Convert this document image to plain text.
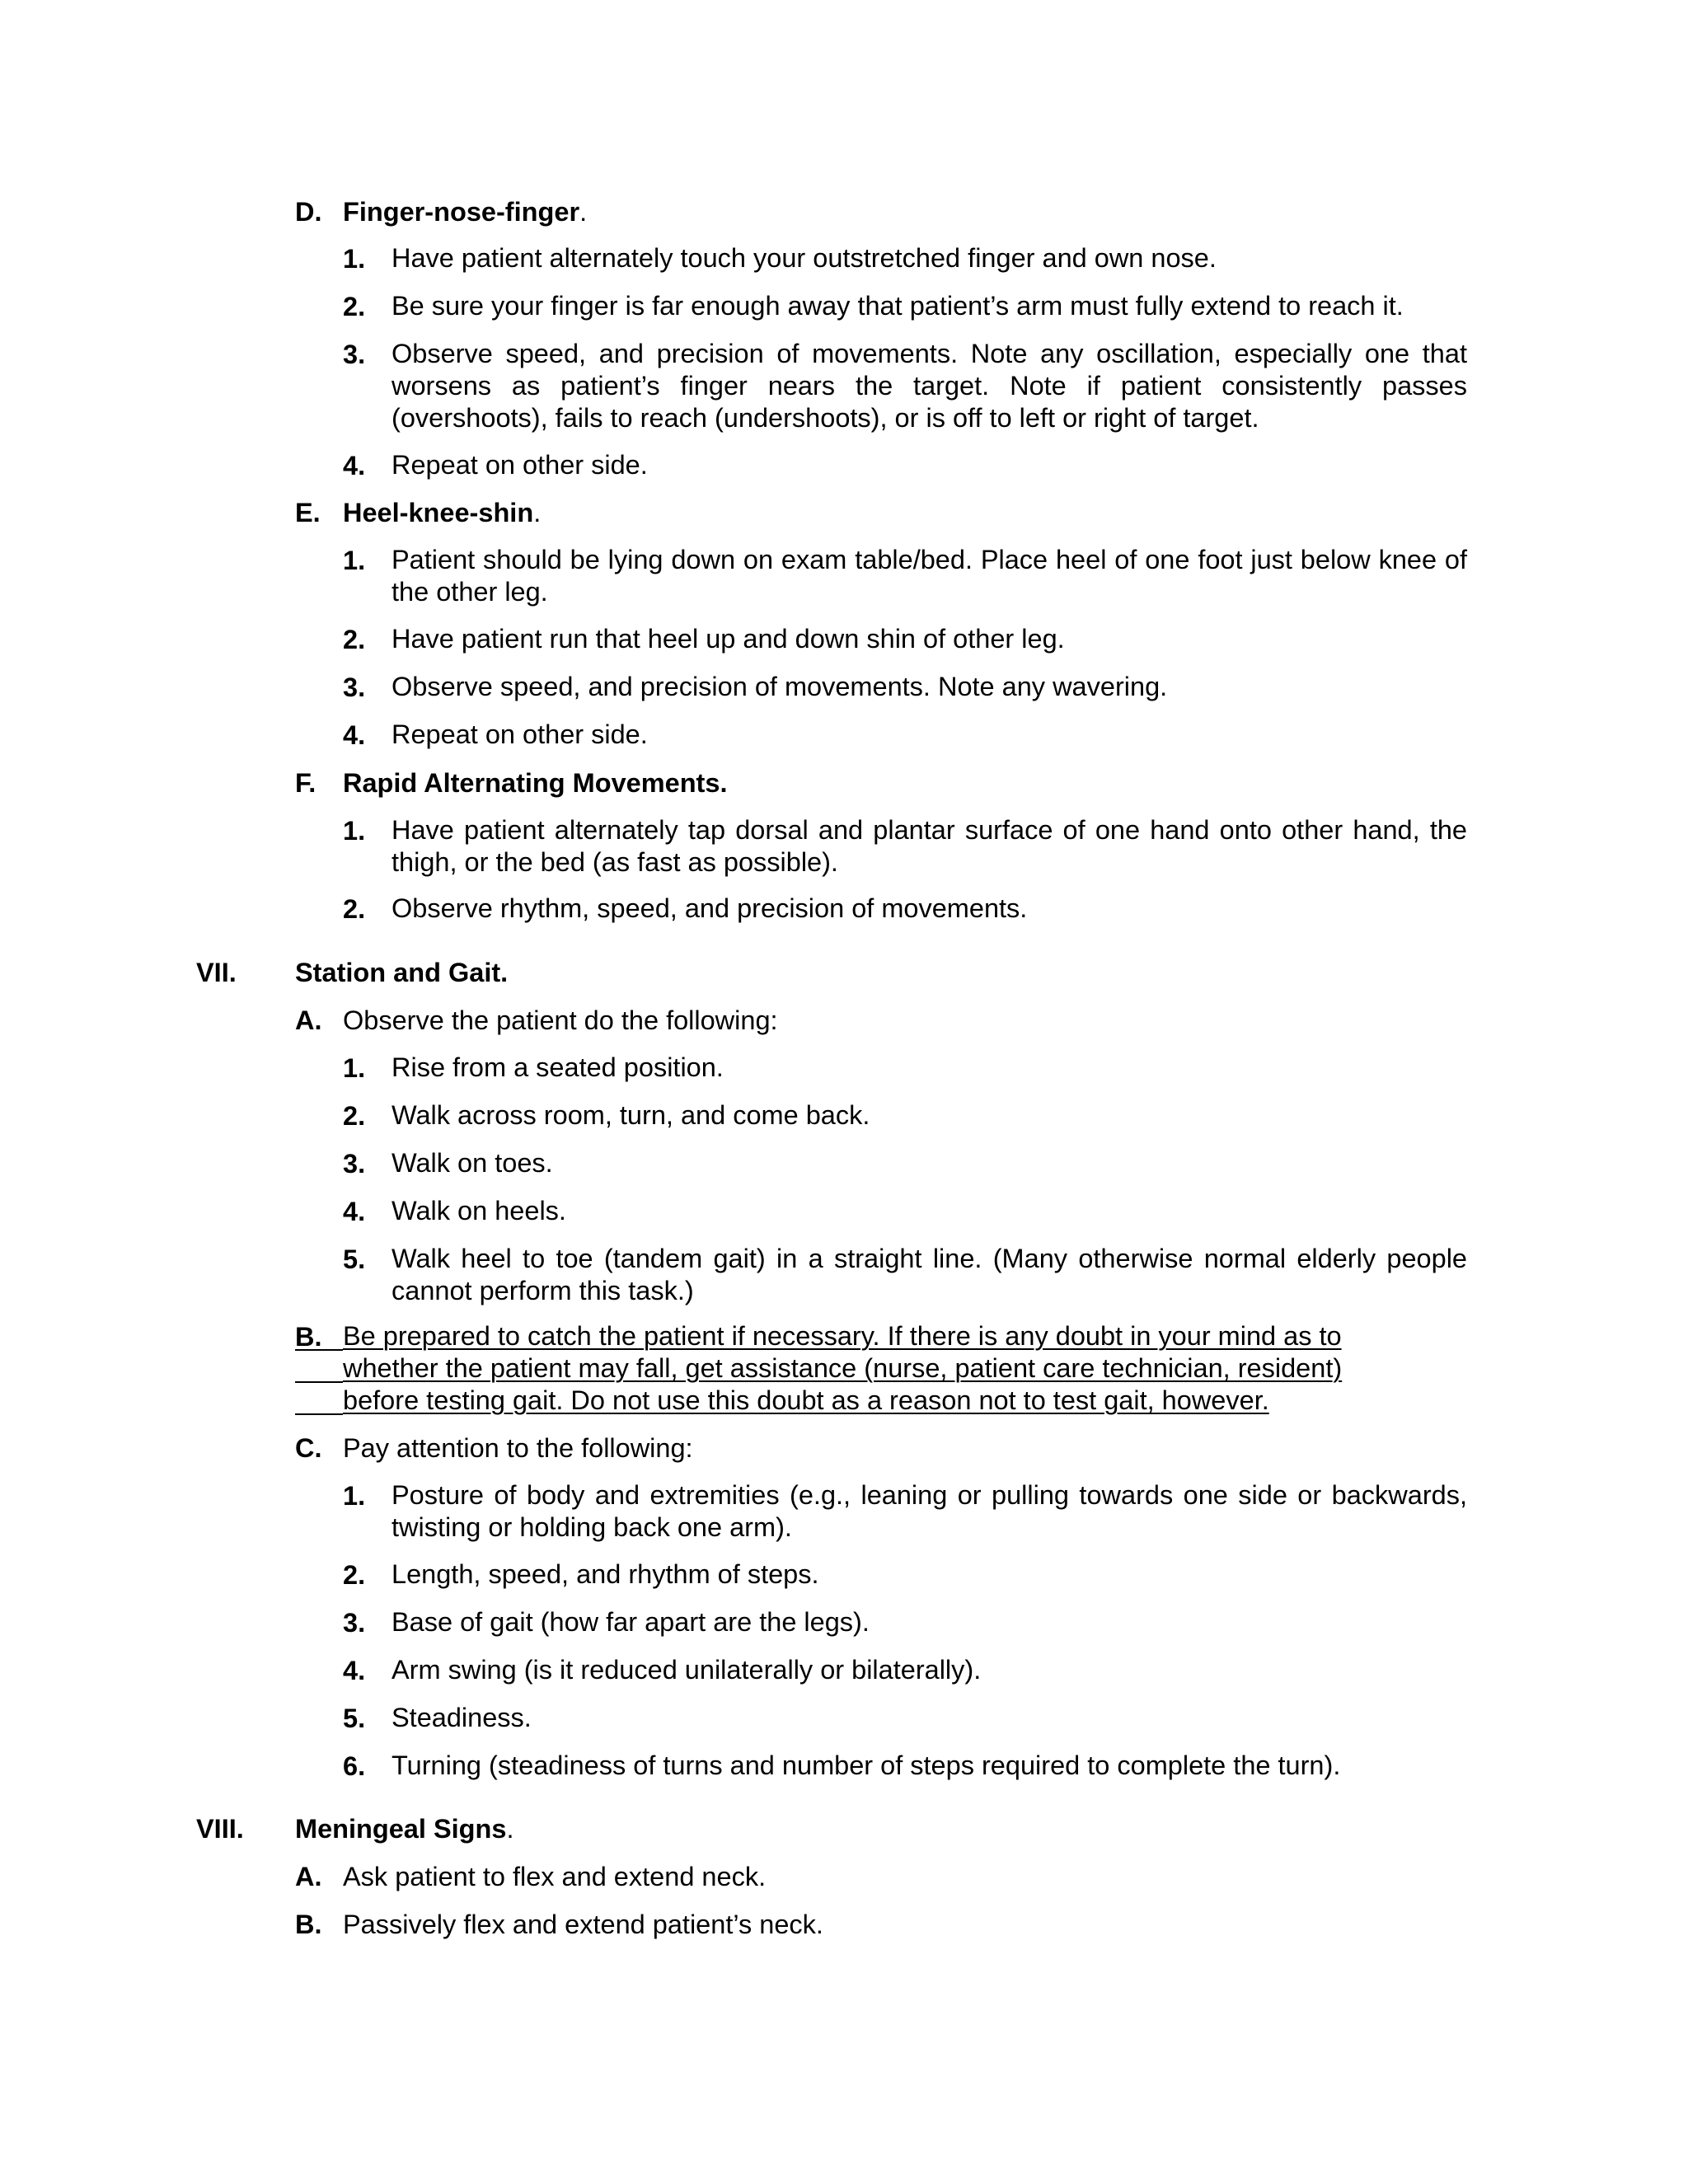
D. Finger-nose-finger.
1. Have patient alternately touch your outstretched finger and own nose.
2. Be sure your finger is far enough away that patient’s arm must fully extend to reach it.
3. Observe speed, and precision of movements. Note any oscillation, especially one that worsens as patient’s finger nears the target. Note if patient consistently passes (overshoots), fails to reach (undershoots), or is off to left or right of target.
4. Repeat on other side.
E. Heel-knee-shin.
1. Patient should be lying down on exam table/bed. Place heel of one foot just below knee of the other leg.
2. Have patient run that heel up and down shin of other leg.
3. Observe speed, and precision of movements. Note any wavering.
4. Repeat on other side.
F. Rapid Alternating Movements.
1. Have patient alternately tap dorsal and plantar surface of one hand onto other hand, the thigh, or the bed (as fast as possible).
2. Observe rhythm, speed, and precision of movements.
VII. Station and Gait.
A. Observe the patient do the following:
1. Rise from a seated position.
2. Walk across room, turn, and come back.
3. Walk on toes.
4. Walk on heels.
5. Walk heel to toe (tandem gait) in a straight line. (Many otherwise normal elderly people cannot perform this task.)
B. Be prepared to catch the patient if necessary. If there is any doubt in your mind as to
whether the patient may fall, get assistance (nurse, patient care technician, resident)
before testing gait. Do not use this doubt as a reason not to test gait, however.
C. Pay attention to the following:
1. Posture of body and extremities (e.g., leaning or pulling towards one side or backwards, twisting or holding back one arm).
2. Length, speed, and rhythm of steps.
3. Base of gait (how far apart are the legs).
4. Arm swing (is it reduced unilaterally or bilaterally).
5. Steadiness.
6. Turning (steadiness of turns and number of steps required to complete the turn).
VIII. Meningeal Signs.
A. Ask patient to flex and extend neck.
B. Passively flex and extend patient’s neck.
